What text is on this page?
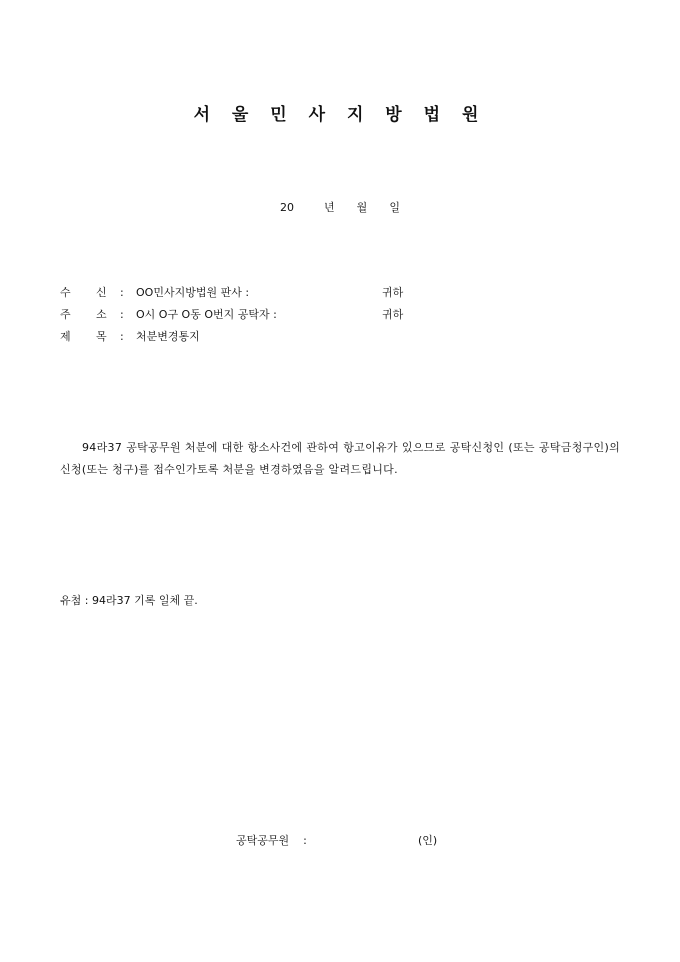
서 울 민 사 지 방 법 원
20	년 월 일
수 신 : OO민사지방법원 판사 :	귀하
주 소 : O시 O구 O동 O번지 공탁자 :	귀하
제 목 : 처분변경통지
94라37 공탁공무원 처분에 대한 항소사건에 관하여 항고이유가 있으므로 공탁신청인 (또는 공탁금청구인)의 신청(또는 청구)를 접수인가토록 처분을 변경하였음을 알려드립니다.
유첨 : 94라37 기록 일체 끝.
공탁공무원 :	(인)
